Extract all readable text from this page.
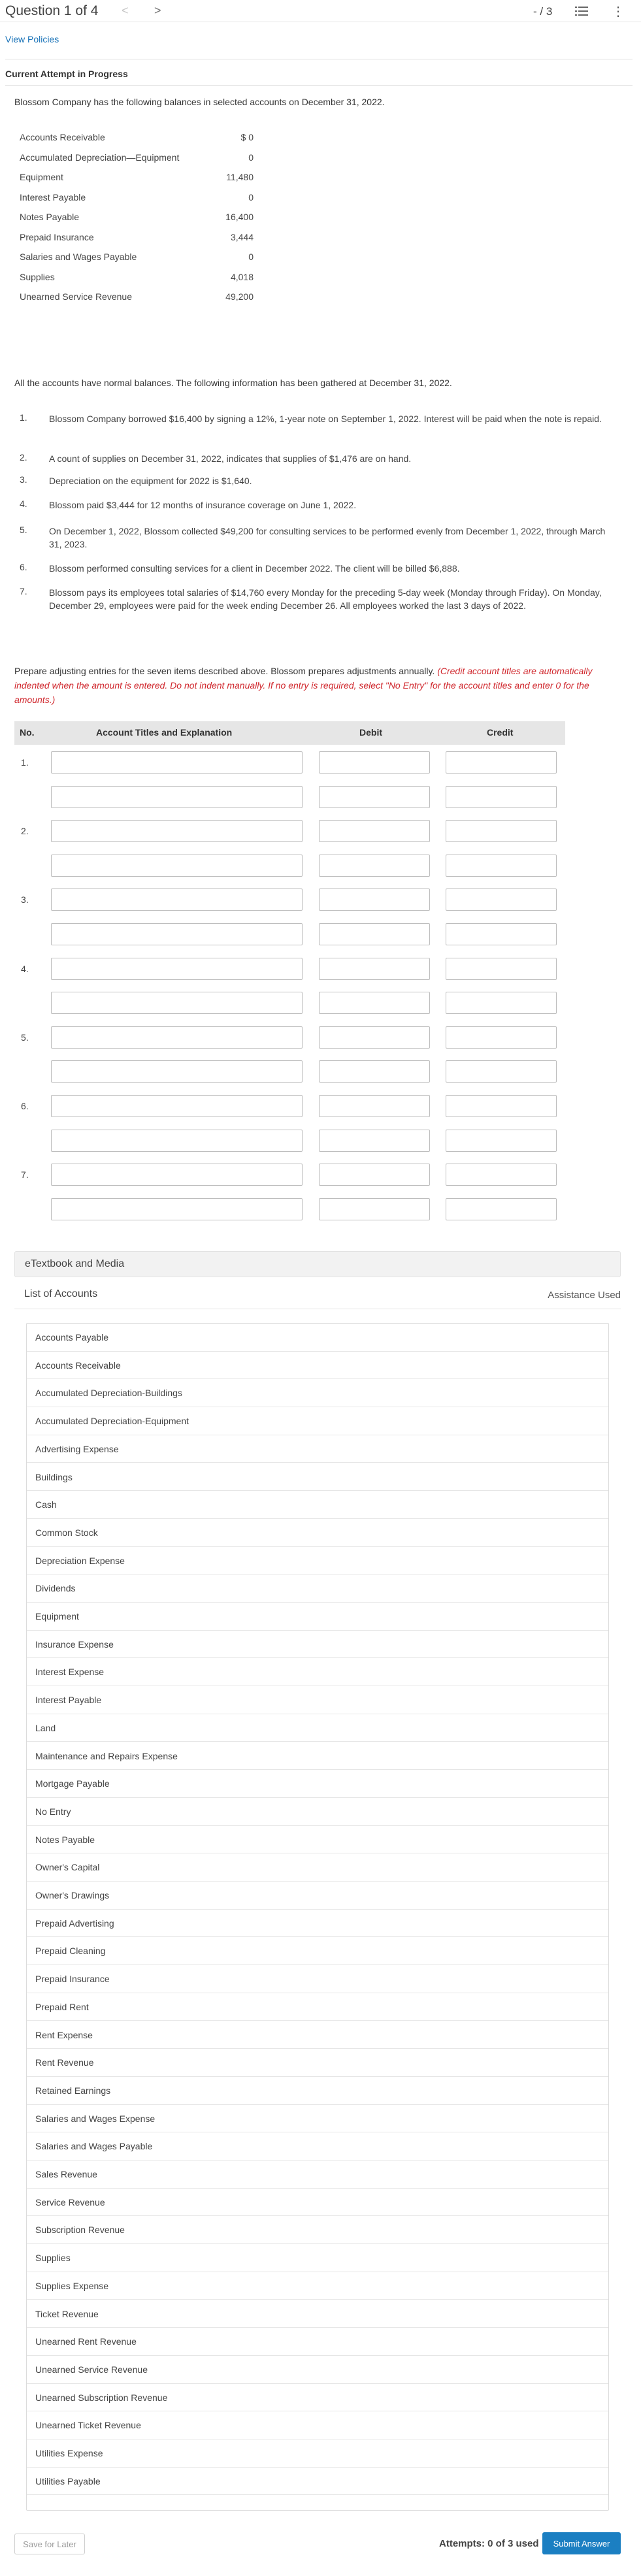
Question 1 of 4 < >	- / 3	⋮
View Policies
Current Attempt in Progress
Blossom Company has the following balances in selected accounts on December 31, 2022.
Accounts Receivable	$ 0
Accumulated Depreciation—Equipment	0
Equipment	11,480
Interest Payable	0
Notes Payable	16,400
Prepaid Insurance	3,444
Salaries and Wages Payable	0
Supplies	4,018
Unearned Service Revenue	49,200
All the accounts have normal balances. The following information has been gathered at December 31, 2022.
1. Blossom Company borrowed $16,400 by signing a 12%, 1-year note on September 1, 2022. Interest will be paid when the note is repaid.
2. A count of supplies on December 31, 2022, indicates that supplies of $1,476 are on hand.
3. Depreciation on the equipment for 2022 is $1,640.
4. Blossom paid $3,444 for 12 months of insurance coverage on June 1, 2022.
5. On December 1, 2022, Blossom collected $49,200 for consulting services to be performed evenly from December 1, 2022, through March 31, 2023.
6. Blossom performed consulting services for a client in December 2022. The client will be billed $6,888.
7. Blossom pays its employees total salaries of $14,760 every Monday for the preceding 5-day week (Monday through Friday). On Monday, December 29, employees were paid for the week ending December 26. All employees worked the last 3 days of 2022.
Prepare adjusting entries for the seven items described above. Blossom prepares adjustments annually. (Credit account titles are automatically indented when the amount is entered. Do not indent manually. If no entry is required, select "No Entry" for the account titles and enter 0 for the amounts.)
No.	Account Titles and Explanation	Debit	Credit
1.
2.
3.
4.
5.
6.
7.
eTextbook and Media
List of Accounts	Assistance Used
Accounts Payable
Accounts Receivable
Accumulated Depreciation-Buildings
Accumulated Depreciation-Equipment
Advertising Expense
Buildings
Cash
Common Stock
Depreciation Expense
Dividends
Equipment
Insurance Expense
Interest Expense
Interest Payable
Land
Maintenance and Repairs Expense
Mortgage Payable
No Entry
Notes Payable
Owner's Capital
Owner's Drawings
Prepaid Advertising
Prepaid Cleaning
Prepaid Insurance
Prepaid Rent
Rent Expense
Rent Revenue
Retained Earnings
Salaries and Wages Expense
Salaries and Wages Payable
Sales Revenue
Service Revenue
Subscription Revenue
Supplies
Supplies Expense
Ticket Revenue
Unearned Rent Revenue
Unearned Service Revenue
Unearned Subscription Revenue
Unearned Ticket Revenue
Utilities Expense
Utilities Payable
Save for Later	Attempts: 0 of 3 used	Submit Answer
